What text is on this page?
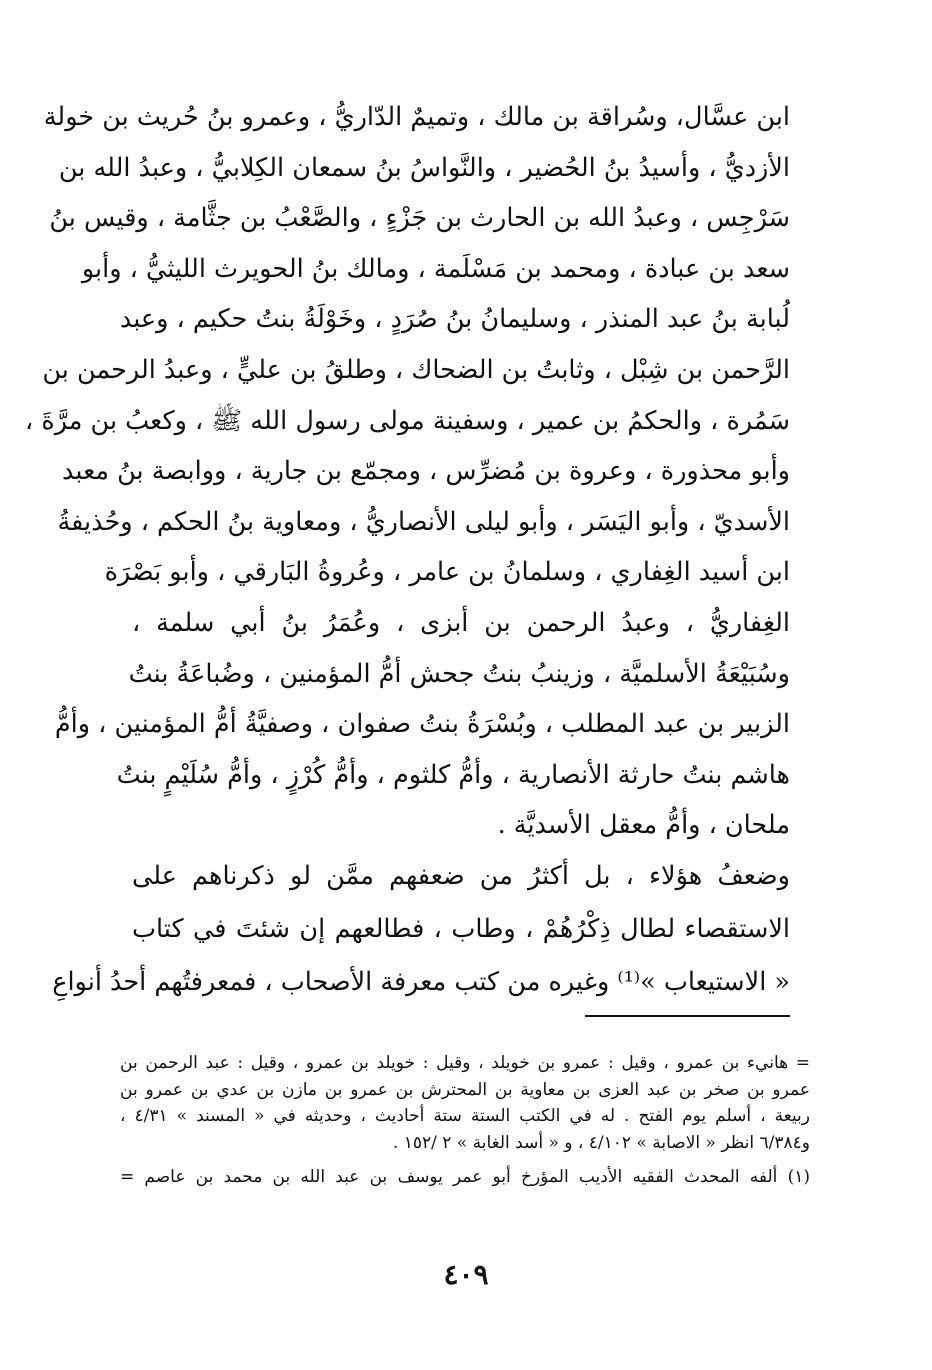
ابن عسَّال، وسُراقة بن مالك ، وتميمٌ الدّاريُّ ، وعمرو بنُ حُريث بن خولة
الأزديُّ ، وأسيدُ بنُ الحُضير ، والنَّواسُ بنُ سمعان الكِلابيُّ ، وعبدُ الله بن
سَرْجِس ، وعبدُ الله بن الحارث بن جَزْءٍ ، والصَّعْبُ بن جثَّامة ، وقيس بنُ
سعد بن عبادة ، ومحمد بن مَسْلَمة ، ومالك بنُ الحويرث الليثيُّ ، وأبو
لُبابة بنُ عبد المنذر ، وسليمانُ بنُ صُرَدٍ ، وخَوْلَةُ بنتُ حكيم ، وعبد
الرَّحمن بن شِبْل ، وثابتُ بن الضحاك ، وطلقُ بن عليٍّ ، وعبدُ الرحمن بن
سَمُرة ، والحكمُ بن عمير ، وسفينة مولى رسول الله ﷺ ، وكعبُ بن مرَّةَ ،
وأبو محذورة ، وعروة بن مُضرِّس ، ومجمّع بن جارية ، ووابصة بنُ معبد
الأسديّ ، وأبو اليَسَر ، وأبو ليلى الأنصاريُّ ، ومعاوية بنُ الحكم ، وحُذيفةُ
ابن أسيد الغِفاري ، وسلمانُ بن عامر ، وعُروةُ البَارقي ، وأبو بَصْرَة
الغِفاريُّ ، وعبدُ الرحمن بن أبزى ، وعُمَرُ بنُ أبي سلمة ،
وسُبَيْعَةُ الأسلميَّة ، وزينبُ بنتُ جحش أمُّ المؤمنين ، وضُباعَةُ بنتُ
الزبير بن عبد المطلب ، وبُسْرَةُ بنتُ صفوان ، وصفيَّةُ أمُّ المؤمنين ، وأمُّ
هاشم بنتُ حارثة الأنصارية ، وأمُّ كلثوم ، وأمُّ كُرْزٍ ، وأمُّ سُلَيْمٍ بنتُ
ملحان ، وأمُّ معقل الأسديَّة .
وضعفُ هؤلاء ، بل أكثرُ من ضعفهم ممَّن لو ذكرناهم على
الاستقصاء لطال ذِكْرُهُمْ ، وطاب ، فطالعهم إن شئتَ في كتاب
« الاستيعاب »⁽¹⁾ وغيره من كتب معرفة الأصحاب ، فمعرفتُهم أحدُ أنواعِ
= هانيء بن عمرو ، وقيل : عمرو بن خويلد ، وقيل : خويلد بن عمرو ، وقيل : عبد الرحمن بن
عمرو بن صخر بن عبد العزى بن معاوية بن المحترش بن عمرو بن مازن بن عدي بن عمرو بن
ربيعة ، أسلم يوم الفتح . له في الكتب الستة ستة أحاديث ، وحديثه في « المسند » ٤/٣١ ،
و٦/٣٨٤ انظر « الاصابة » ٤/١٠٢ ، و « أسد الغابة » ٢ /١٥٢ .
(١) ألفه المحدث الفقيه الأديب المؤرخ أبو عمر يوسف بن عبد الله بن محمد بن عاصم =
٤٠٩
